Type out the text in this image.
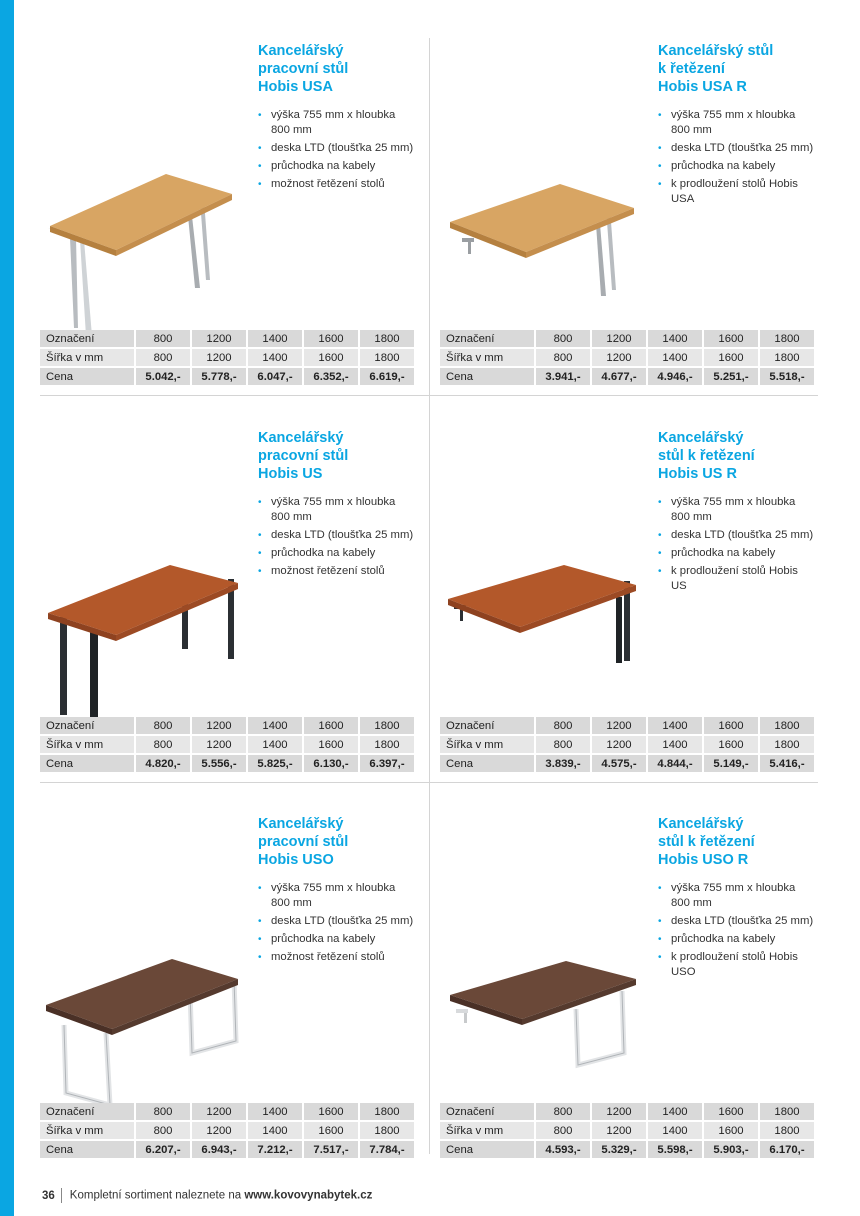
Kancelářský
pracovní stůl
Hobis USA
• výška 755 mm x hloubka 800 mm
• deska LTD (tloušťka 25 mm)
• průchodka na kabely
• možnost řetězení stolů
Označení	800	1200	1400	1600	1800
Šířka v mm	800	1200	1400	1600	1800
Cena	5.042,-	5.778,-	6.047,-	6.352,-	6.619,-
Kancelářský stůl
k řetězení
Hobis USA R
• výška 755 mm x hloubka 800 mm
• deska LTD (tloušťka 25 mm)
• průchodka na kabely
• k prodloužení stolů Hobis USA
Označení	800	1200	1400	1600	1800
Šířka v mm	800	1200	1400	1600	1800
Cena	3.941,-	4.677,-	4.946,-	5.251,-	5.518,-
Kancelářský
pracovní stůl
Hobis US
• výška 755 mm x hloubka 800 mm
• deska LTD (tloušťka 25 mm)
• průchodka na kabely
• možnost řetězení stolů
Označení	800	1200	1400	1600	1800
Šířka v mm	800	1200	1400	1600	1800
Cena	4.820,-	5.556,-	5.825,-	6.130,-	6.397,-
Kancelářský
stůl k řetězení
Hobis US R
• výška 755 mm x hloubka 800 mm
• deska LTD (tloušťka 25 mm)
• průchodka na kabely
• k prodloužení stolů Hobis US
Označení	800	1200	1400	1600	1800
Šířka v mm	800	1200	1400	1600	1800
Cena	3.839,-	4.575,-	4.844,-	5.149,-	5.416,-
Kancelářský
pracovní stůl
Hobis USO
• výška 755 mm x hloubka 800 mm
• deska LTD (tloušťka 25 mm)
• průchodka na kabely
• možnost řetězení stolů
Označení	800	1200	1400	1600	1800
Šířka v mm	800	1200	1400	1600	1800
Cena	6.207,-	6.943,-	7.212,-	7.517,-	7.784,-
Kancelářský
stůl k řetězení
Hobis USO R
• výška 755 mm x hloubka 800 mm
• deska LTD (tloušťka 25 mm)
• průchodka na kabely
• k prodloužení stolů Hobis USO
Označení	800	1200	1400	1600	1800
Šířka v mm	800	1200	1400	1600	1800
Cena	4.593,-	5.329,-	5.598,-	5.903,-	6.170,-
36 Kompletní sortiment naleznete na www.kovovynabytek.cz
